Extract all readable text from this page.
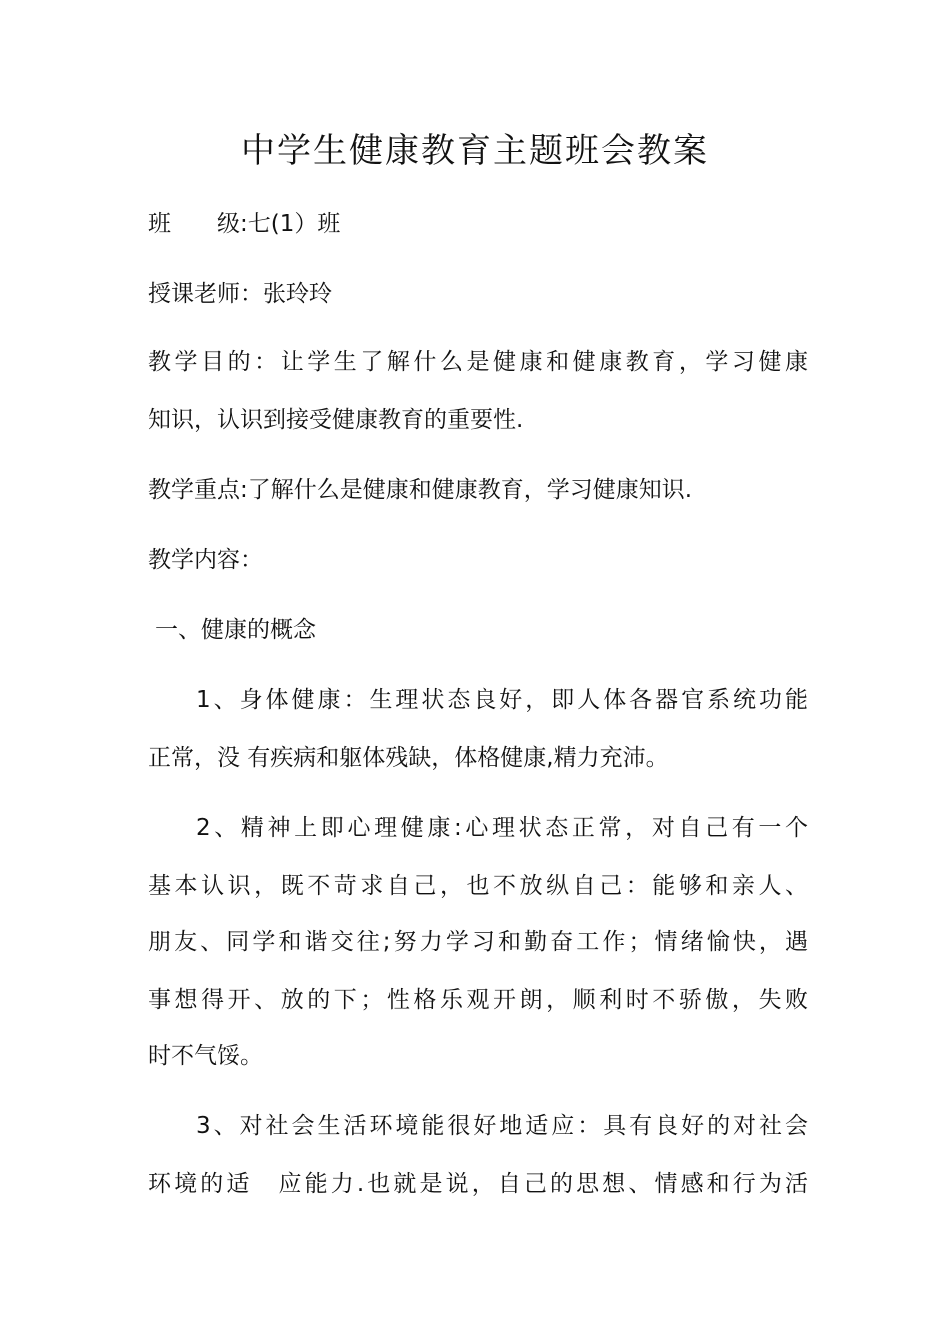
中学生健康教育主题班会教案
班　　级:七(1）班
授课老师：张玲玲
教学目的：让学生了解什么是健康和健康教育，学习健康
知识，认识到接受健康教育的重要性.
教学重点:了解什么是健康和健康教育，学习健康知识.
教学内容：
一、健康的概念
1、身体健康：生理状态良好，即人体各器官系统功能
正常，没 有疾病和躯体残缺，体格健康,精力充沛。
2、精神上即心理健康:心理状态正常，对自己有一个
基本认识，既不苛求自己，也不放纵自己：能够和亲人、
朋友、同学和谐交往;努力学习和勤奋工作；情绪愉快，遇
事想得开、放的下；性格乐观开朗，顺利时不骄傲，失败
时不气馁。
3、对社会生活环境能很好地适应：具有良好的对社会
环境的适　应能力.也就是说，自己的思想、情感和行为活
